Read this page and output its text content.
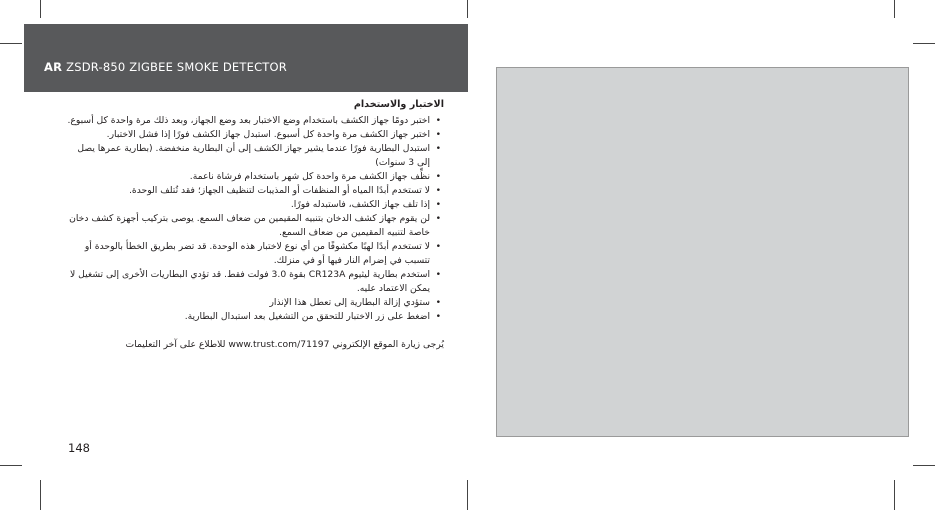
AR ZSDR-850 ZIGBEE SMOKE DETECTOR
الاختبار والاستخدام
• اختبر دومًا جهاز الكشف باستخدام وضع الاختبار بعد وضع الجهاز، وبعد ذلك مرة واحدة كل أسبوع.
• اختبر جهاز الكشف مرة واحدة كل أسبوع. استبدل جهاز الكشف فورًا إذا فشل الاختبار.
• استبدل البطارية فورًا عندما يشير جهاز الكشف إلى أن البطارية منخفضة. (بطارية عمرها يصل إلى 3 سنوات)
• نظِّف جهاز الكشف مرة واحدة كل شهر باستخدام فرشاة ناعمة.
• لا تستخدم أبدًا المياه أو المنظفات أو المذيبات لتنظيف الجهاز؛ فقد تُتلف الوحدة.
• إذا تلف جهاز الكشف، فاستبدله فورًا.
• لن يقوم جهاز كشف الدخان بتنبيه المقيمين من ضعاف السمع. يوصى بتركيب أجهزة كشف دخان خاصة لتنبيه المقيمين من ضعاف السمع.
• لا تستخدم أبدًا لهبًا مكشوفًا من أي نوع لاختبار هذه الوحدة. قد تضر بطريق الخطأ بالوحدة أو تتسبب في إضرام النار فيها أو في منزلك.
• استخدم بطارية ليثيوم CR123A بقوة 3.0 فولت فقط. قد تؤدي البطاريات الأخرى إلى تشغيل لا يمكن الاعتماد عليه.
• ستؤدي إزالة البطارية إلى تعطل هذا الإنذار
• اضغط على زر الاختبار للتحقق من التشغيل بعد استبدال البطارية.

يُرجى زيارة الموقع الإلكتروني www.trust.com/71197 للاطلاع على آخر التعليمات

148
